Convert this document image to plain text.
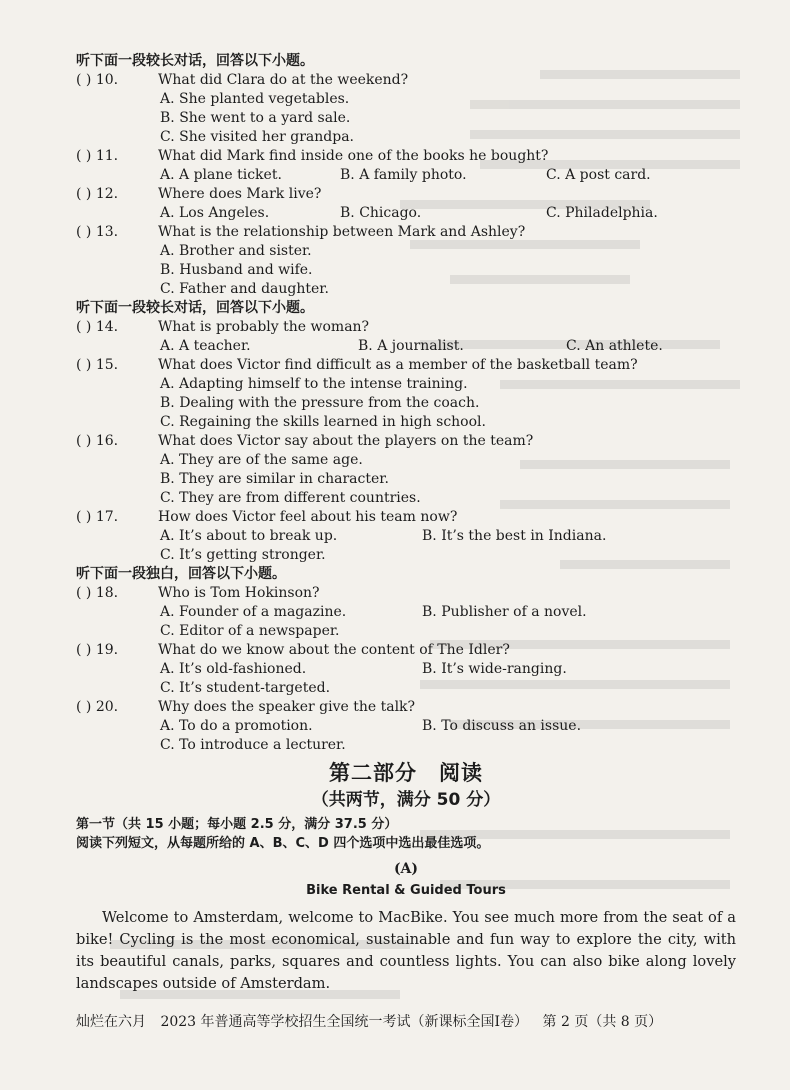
听下面一段较长对话，回答以下小题。
( ) 10.	What did Clara do at the weekend?
A. She planted vegetables.
B. She went to a yard sale.
C. She visited her grandpa.
( ) 11.	What did Mark find inside one of the books he bought?
A. A plane ticket.	B. A family photo.	C. A post card.
( ) 12.	Where does Mark live?
A. Los Angeles.	B. Chicago.	C. Philadelphia.
( ) 13.	What is the relationship between Mark and Ashley?
A. Brother and sister.
B. Husband and wife.
C. Father and daughter.
听下面一段较长对话，回答以下小题。
( ) 14.	What is probably the woman?
A. A teacher.	B. A journalist.	C. An athlete.
( ) 15.	What does Victor find difficult as a member of the basketball team?
A. Adapting himself to the intense training.
B. Dealing with the pressure from the coach.
C. Regaining the skills learned in high school.
( ) 16.	What does Victor say about the players on the team?
A. They are of the same age.
B. They are similar in character.
C. They are from different countries.
( ) 17.	How does Victor feel about his team now?
A. It’s about to break up.	B. It’s the best in Indiana.
C. It’s getting stronger.
听下面一段独白，回答以下小题。
( ) 18.	Who is Tom Hokinson?
A. Founder of a magazine.	B. Publisher of a novel.
C. Editor of a newspaper.
( ) 19.	What do we know about the content of The Idler?
A. It’s old-fashioned.	B. It’s wide-ranging.
C. It’s student-targeted.
( ) 20.	Why does the speaker give the talk?
A. To do a promotion.	B. To discuss an issue.
C. To introduce a lecturer.
第二部分　阅读
（共两节，满分 50 分）
第一节（共 15 小题；每小题 2.5 分，满分 37.5 分）
阅读下列短文，从每题所给的 A、B、C、D 四个选项中选出最佳选项。
(A)
Bike Rental & Guided Tours

Welcome to Amsterdam, welcome to MacBike. You see much more from the seat of a bike! Cycling is the most economical, sustainable and fun way to explore the city, with its beautiful canals, parks, squares and countless lights. You can also bike along lovely landscapes outside of Amsterdam.

灿烂在六月 2023 年普通高等学校招生全国统一考试（新课标全国Ⅰ卷） 第 2 页（共 8 页）
